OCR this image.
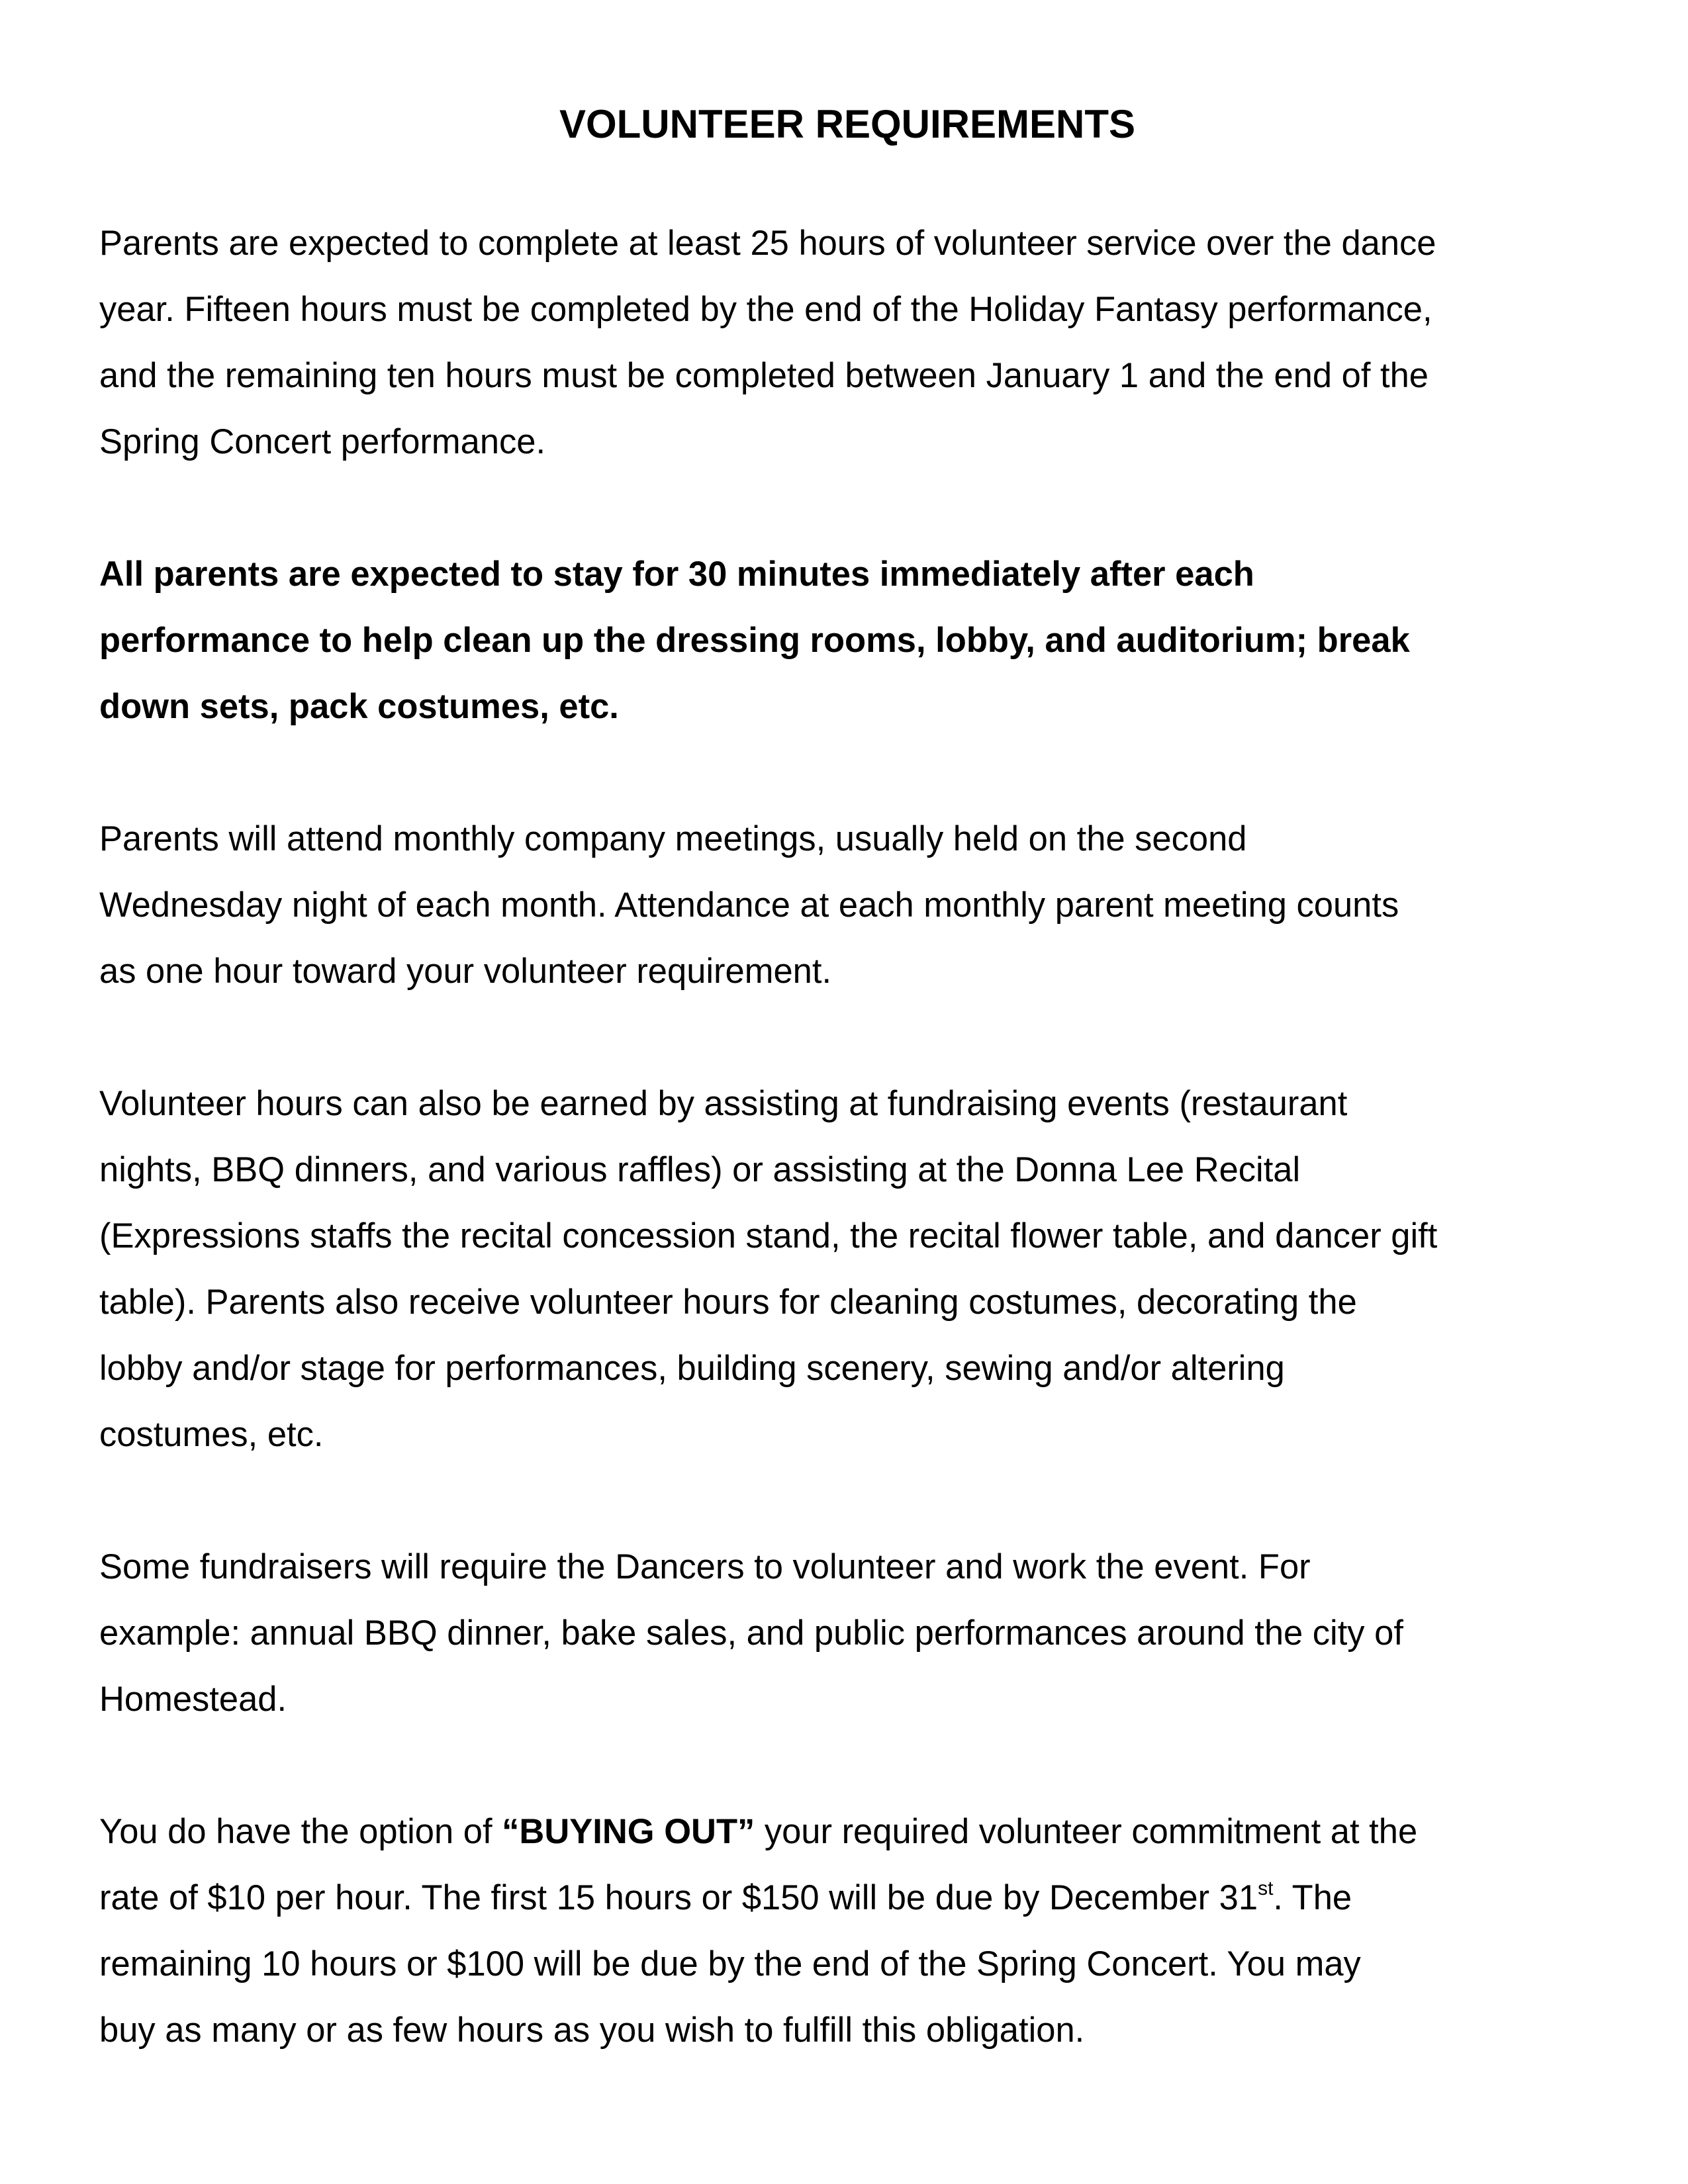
VOLUNTEER REQUIREMENTS
Parents are expected to complete at least 25 hours of volunteer service over the dance
year. Fifteen hours must be completed by the end of the Holiday Fantasy performance,
and the remaining ten hours must be completed between January 1 and the end of the
Spring Concert performance.
All parents are expected to stay for 30 minutes immediately after each
performance to help clean up the dressing rooms, lobby, and auditorium; break
down sets, pack costumes, etc.
Parents will attend monthly company meetings, usually held on the second
Wednesday night of each month. Attendance at each monthly parent meeting counts
as one hour toward your volunteer requirement.
Volunteer hours can also be earned by assisting at fundraising events (restaurant
nights, BBQ dinners, and various raffles) or assisting at the Donna Lee Recital
(Expressions staffs the recital concession stand, the recital flower table, and dancer gift
table). Parents also receive volunteer hours for cleaning costumes, decorating the
lobby and/or stage for performances, building scenery, sewing and/or altering
costumes, etc.
Some fundraisers will require the Dancers to volunteer and work the event. For
example: annual BBQ dinner, bake sales, and public performances around the city of
Homestead.
You do have the option of “BUYING OUT” your required volunteer commitment at the
rate of $10 per hour. The first 15 hours or $150 will be due by December 31st. The
remaining 10 hours or $100 will be due by the end of the Spring Concert. You may
buy as many or as few hours as you wish to fulfill this obligation.
